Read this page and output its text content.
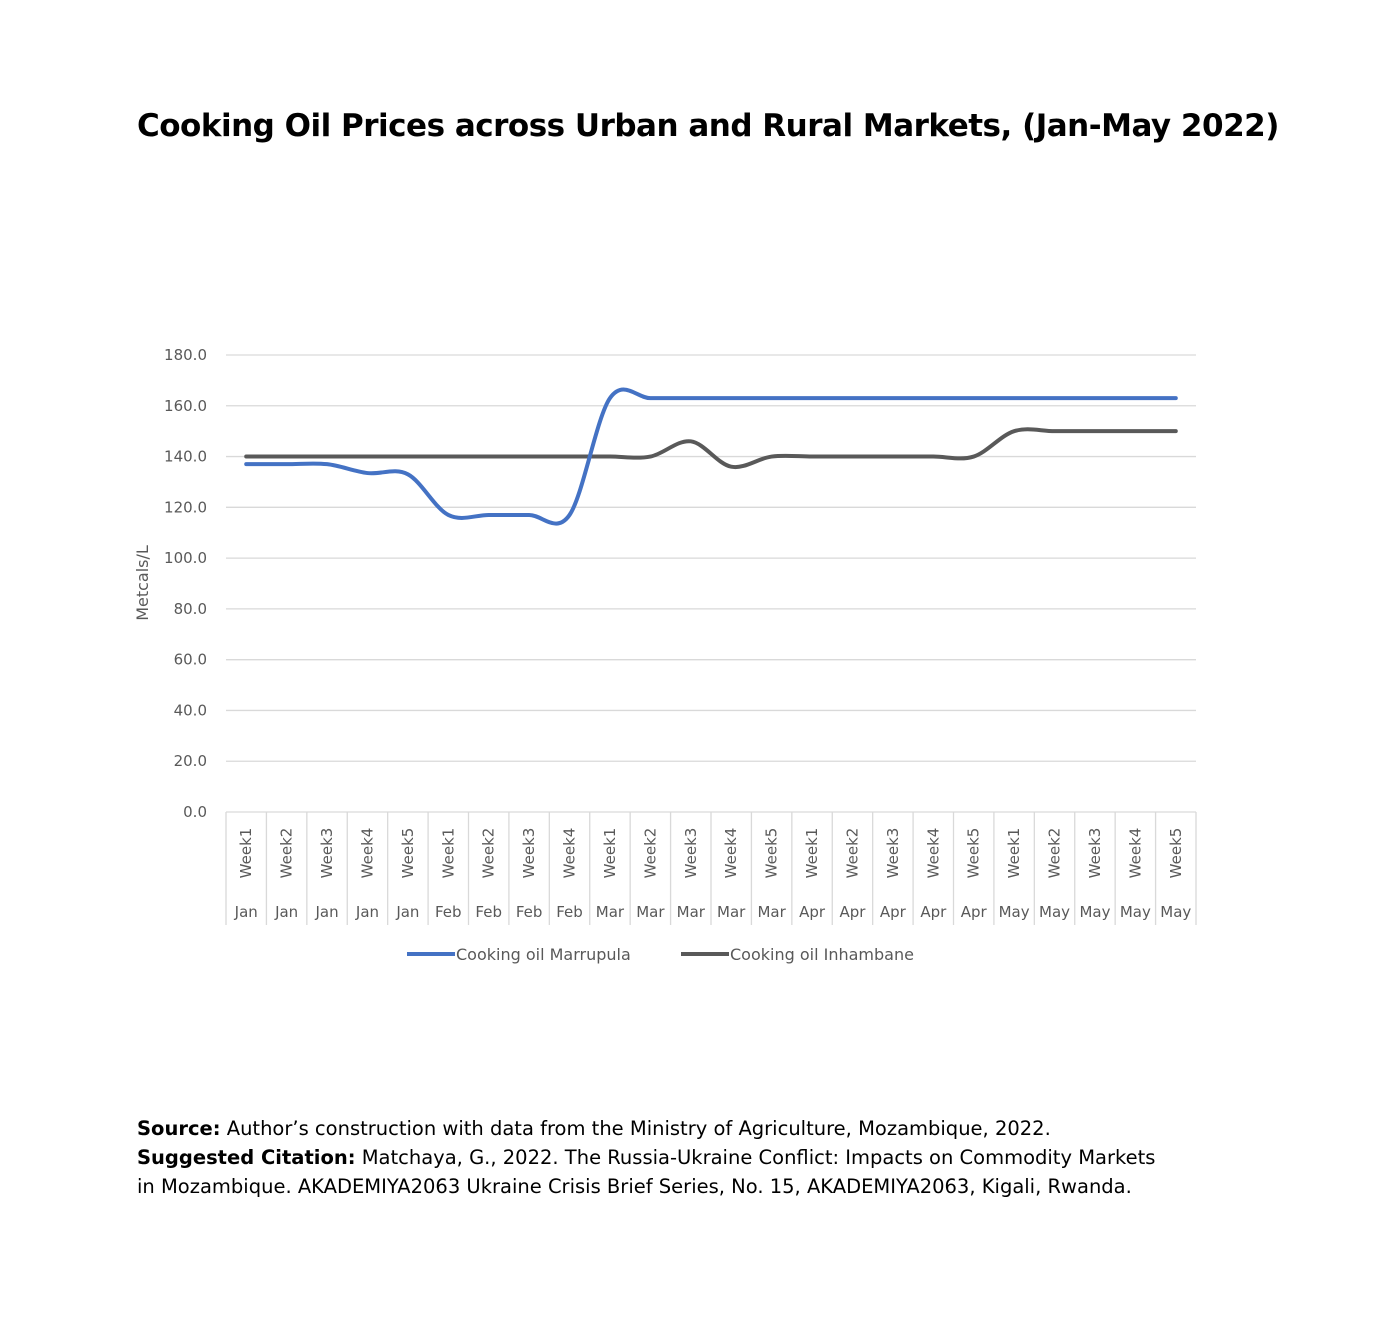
Cooking Oil Prices across Urban and Rural Markets, (Jan-May 2022)
0.0
20.0
40.0
60.0
80.0
100.0
120.0
140.0
160.0
180.0
Week1
Jan
Week2
Jan
Week3
Jan
Week4
Jan
Week5
Jan
Week1
Feb
Week2
Feb
Week3
Feb
Week4
Feb
Week1
Mar
Week2
Mar
Week3
Mar
Week4
Mar
Week5
Mar
Week1
Apr
Week2
Apr
Week3
Apr
Week4
Apr
Week5
Apr
Week1
May
Week2
May
Week3
May
Week4
May
Week5
May
Metcals/L
Cooking oil Marrupula	Cooking oil Inhambane
Source: Author’s construction with data from the Ministry of Agriculture, Mozambique, 2022.
Suggested Citation: Matchaya, G., 2022. The Russia-Ukraine Conflict: Impacts on Commodity Markets in Mozambique. AKADEMIYA2063 Ukraine Crisis Brief Series, No. 15, AKADEMIYA2063, Kigali, Rwanda.
